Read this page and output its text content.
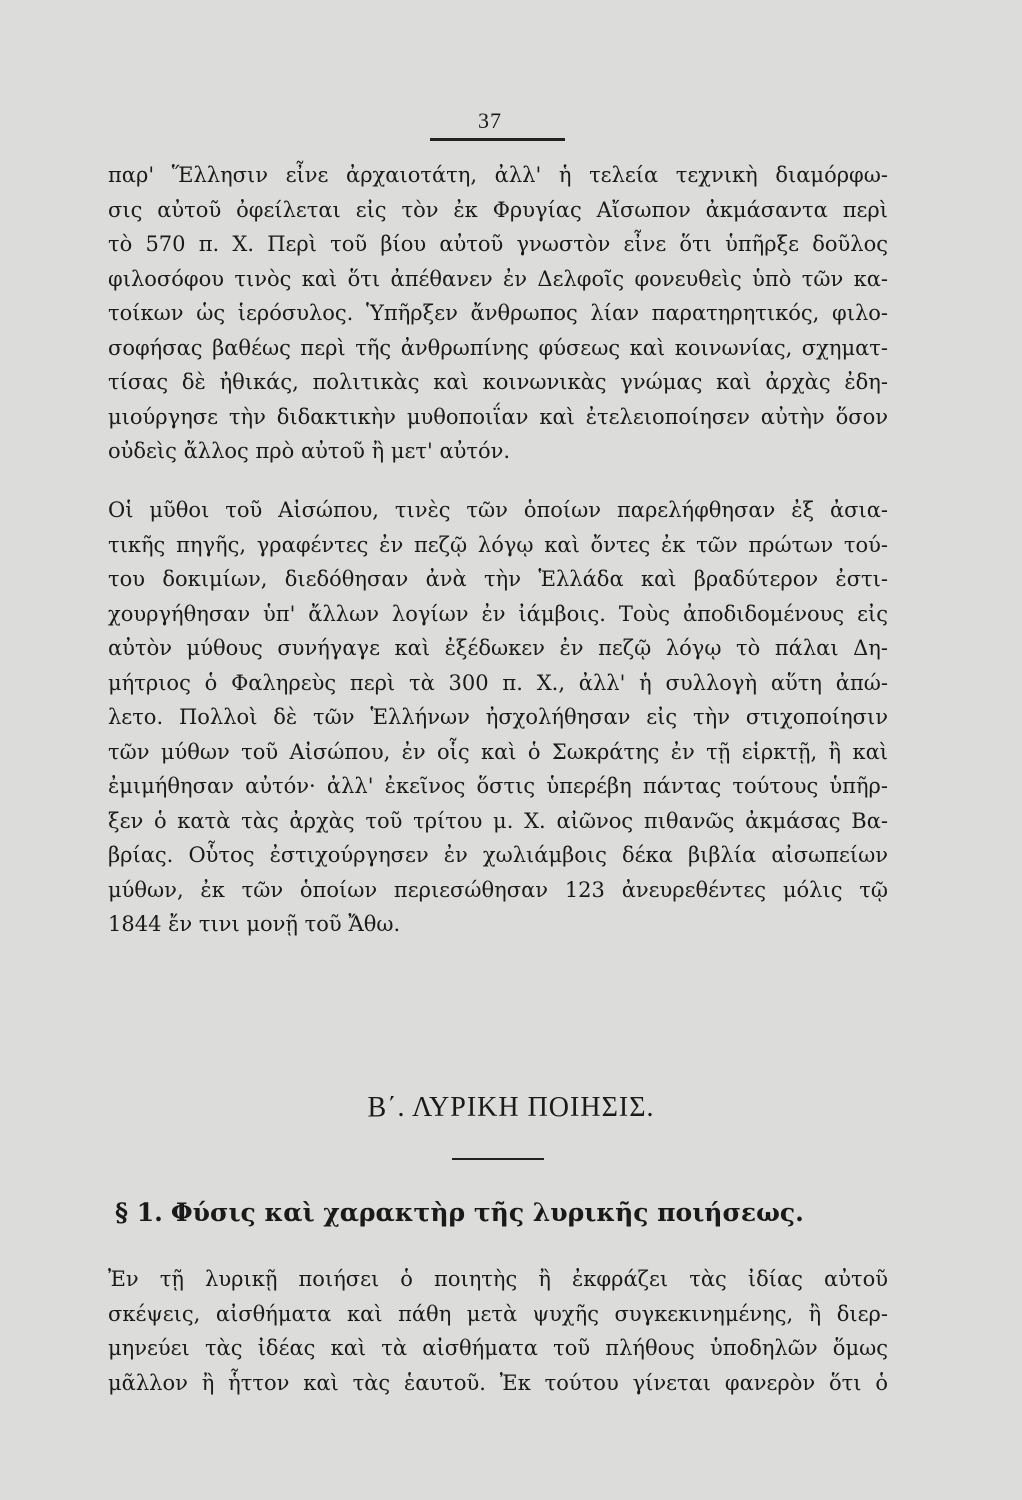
37
παρ' Ἕλλησιν εἶνε ἀρχαιοτάτη, ἀλλ' ἡ τελεία τεχνικὴ διαμόρφω-
σις αὐτοῦ ὀφείλεται εἰς τὸν ἐκ Φρυγίας Αἴσωπον ἀκμάσαντα περὶ
τὸ 570 π. Χ. Περὶ τοῦ βίου αὐτοῦ γνωστὸν εἶνε ὅτι ὑπῆρξε δοῦλος
φιλοσόφου τινὸς καὶ ὅτι ἀπέθανεν ἐν Δελφοῖς φονευθεὶς ὑπὸ τῶν κα-
τοίκων ὡς ἱερόσυλος. Ὑπῆρξεν ἄνθρωπος λίαν παρατηρητικός, φιλο-
σοφήσας βαθέως περὶ τῆς ἀνθρωπίνης φύσεως καὶ κοινωνίας, σχηματ-
τίσας δὲ ἠθικάς, πολιτικὰς καὶ κοινωνικὰς γνώμας καὶ ἀρχὰς ἐδη-
μιούργησε τὴν διδακτικὴν μυθοποιΐαν καὶ ἐτελειοποίησεν αὐτὴν ὅσον
οὐδεὶς ἄλλος πρὸ αὐτοῦ ἢ μετ' αὐτόν.
Οἱ μῦθοι τοῦ Αἰσώπου, τινὲς τῶν ὁποίων παρελήφθησαν ἐξ ἀσια-
τικῆς πηγῆς, γραφέντες ἐν πεζῷ λόγῳ καὶ ὄντες ἐκ τῶν πρώτων τού-
του δοκιμίων, διεδόθησαν ἀνὰ τὴν Ἑλλάδα καὶ βραδύτερον ἐστι-
χουργήθησαν ὑπ' ἄλλων λογίων ἐν ἰάμβοις. Τοὺς ἀποδιδομένους εἰς
αὐτὸν μύθους συνήγαγε καὶ ἐξέδωκεν ἐν πεζῷ λόγῳ τὸ πάλαι Δη-
μήτριος ὁ Φαληρεὺς περὶ τὰ 300 π. Χ., ἀλλ' ἡ συλλογὴ αὕτη ἀπώ-
λετο. Πολλοὶ δὲ τῶν Ἑλλήνων ἠσχολήθησαν εἰς τὴν στιχοποίησιν
τῶν μύθων τοῦ Αἰσώπου, ἐν οἷς καὶ ὁ Σωκράτης ἐν τῇ εἱρκτῇ, ἢ καὶ
ἐμιμήθησαν αὐτόν· ἀλλ' ἐκεῖνος ὅστις ὑπερέβη πάντας τούτους ὑπῆρ-
ξεν ὁ κατὰ τὰς ἀρχὰς τοῦ τρίτου μ. Χ. αἰῶνος πιθανῶς ἀκμάσας Βα-
βρίας. Οὗτος ἐστιχούργησεν ἐν χωλιάμβοις δέκα βιβλία αἰσωπείων
μύθων, ἐκ τῶν ὁποίων περιεσώθησαν 123 ἀνευρεθέντες μόλις τῷ
1844 ἔν τινι μονῇ τοῦ Ἄθω.
Β΄. ΛΥΡΙΚΗ ΠΟΙΗΣΙΣ.
§ 1. Φύσις καὶ χαρακτὴρ τῆς λυρικῆς ποιήσεως.
Ἐν τῇ λυρικῇ ποιήσει ὁ ποιητὴς ἢ ἐκφράζει τὰς ἰδίας αὐτοῦ
σκέψεις, αἰσθήματα καὶ πάθη μετὰ ψυχῆς συγκεκινημένης, ἢ διερ-
μηνεύει τὰς ἰδέας καὶ τὰ αἰσθήματα τοῦ πλήθους ὑποδηλῶν ὅμως
μᾶλλον ἢ ἧττον καὶ τὰς ἑαυτοῦ. Ἐκ τούτου γίνεται φανερὸν ὅτι ὁ
